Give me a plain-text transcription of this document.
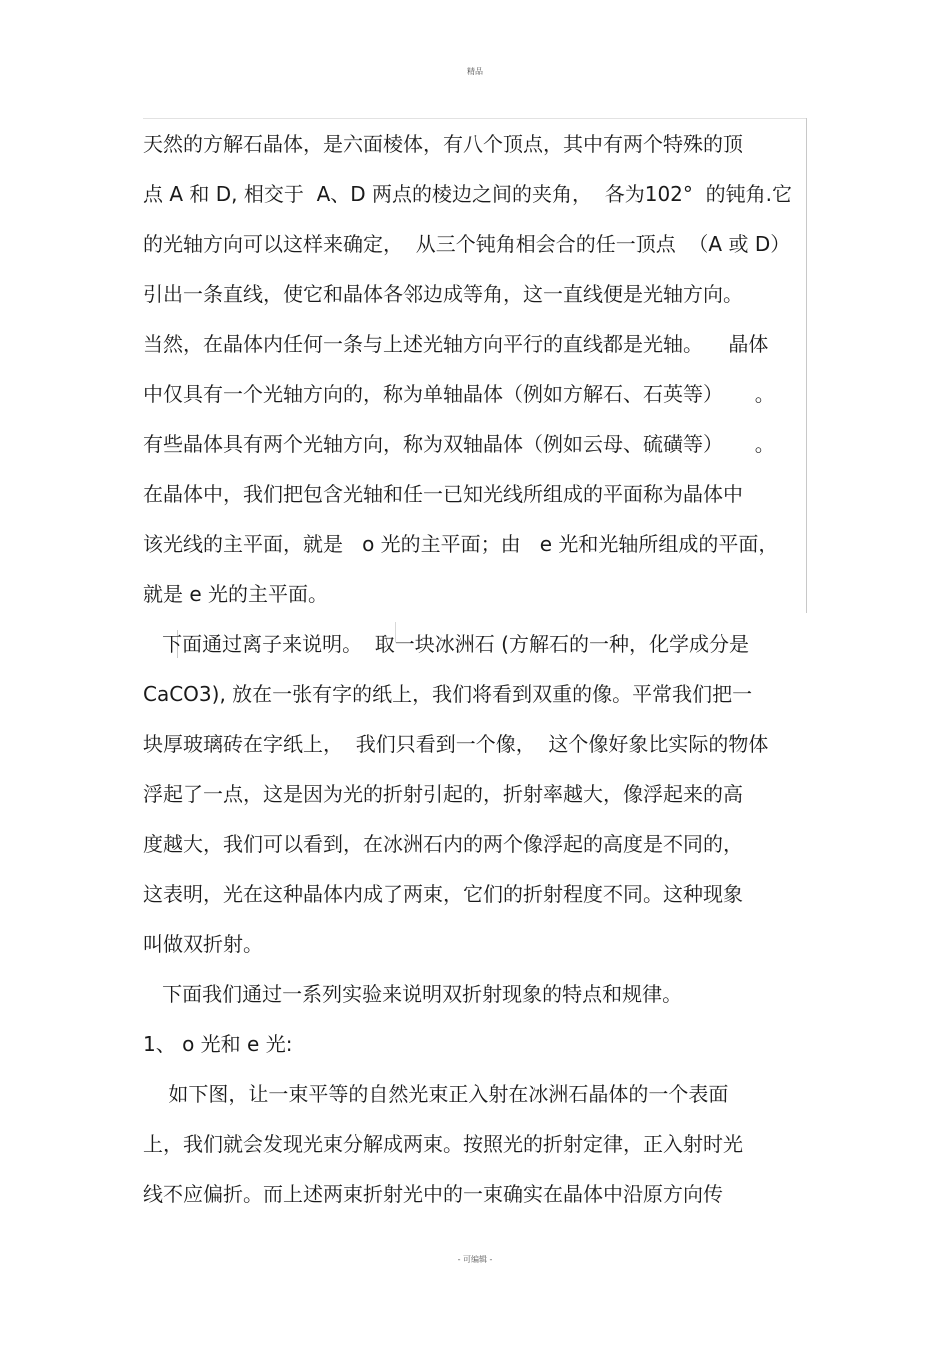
精品
天然的方解石晶体，是六面棱体，有八个顶点，其中有两个特殊的顶
点 A 和 D, 相交于  A、D 两点的棱边之间的夹角，  各为102°  的钝角.它
的光轴方向可以这样来确定，  从三个钝角相会合的任一顶点  （A 或 D）
引出一条直线，使它和晶体各邻边成等角，这一直线便是光轴方向。
当然，在晶体内任何一条与上述光轴方向平行的直线都是光轴。    晶体
中仅具有一个光轴方向的，称为单轴晶体（例如方解石、石英等）     。
有些晶体具有两个光轴方向，称为双轴晶体（例如云母、硫磺等）     。
在晶体中，我们把包含光轴和任一已知光线所组成的平面称为晶体中
该光线的主平面，就是   o 光的主平面；由   e 光和光轴所组成的平面，
就是 e 光的主平面。
下面通过离子来说明。  取一块冰洲石 (方解石的一种，化学成分是
CaCO3), 放在一张有字的纸上，我们将看到双重的像。平常我们把一
块厚玻璃砖在字纸上，  我们只看到一个像，  这个像好象比实际的物体
浮起了一点，这是因为光的折射引起的，折射率越大，像浮起来的高
度越大，我们可以看到，在冰洲石内的两个像浮起的高度是不同的，
这表明，光在这种晶体内成了两束，它们的折射程度不同。这种现象
叫做双折射。
下面我们通过一系列实验来说明双折射现象的特点和规律。
1、 o 光和 e 光:
如下图，让一束平等的自然光束正入射在冰洲石晶体的一个表面
上，我们就会发现光束分解成两束。按照光的折射定律，正入射时光
线不应偏折。而上述两束折射光中的一束确实在晶体中沿原方向传
- 可编辑 -
